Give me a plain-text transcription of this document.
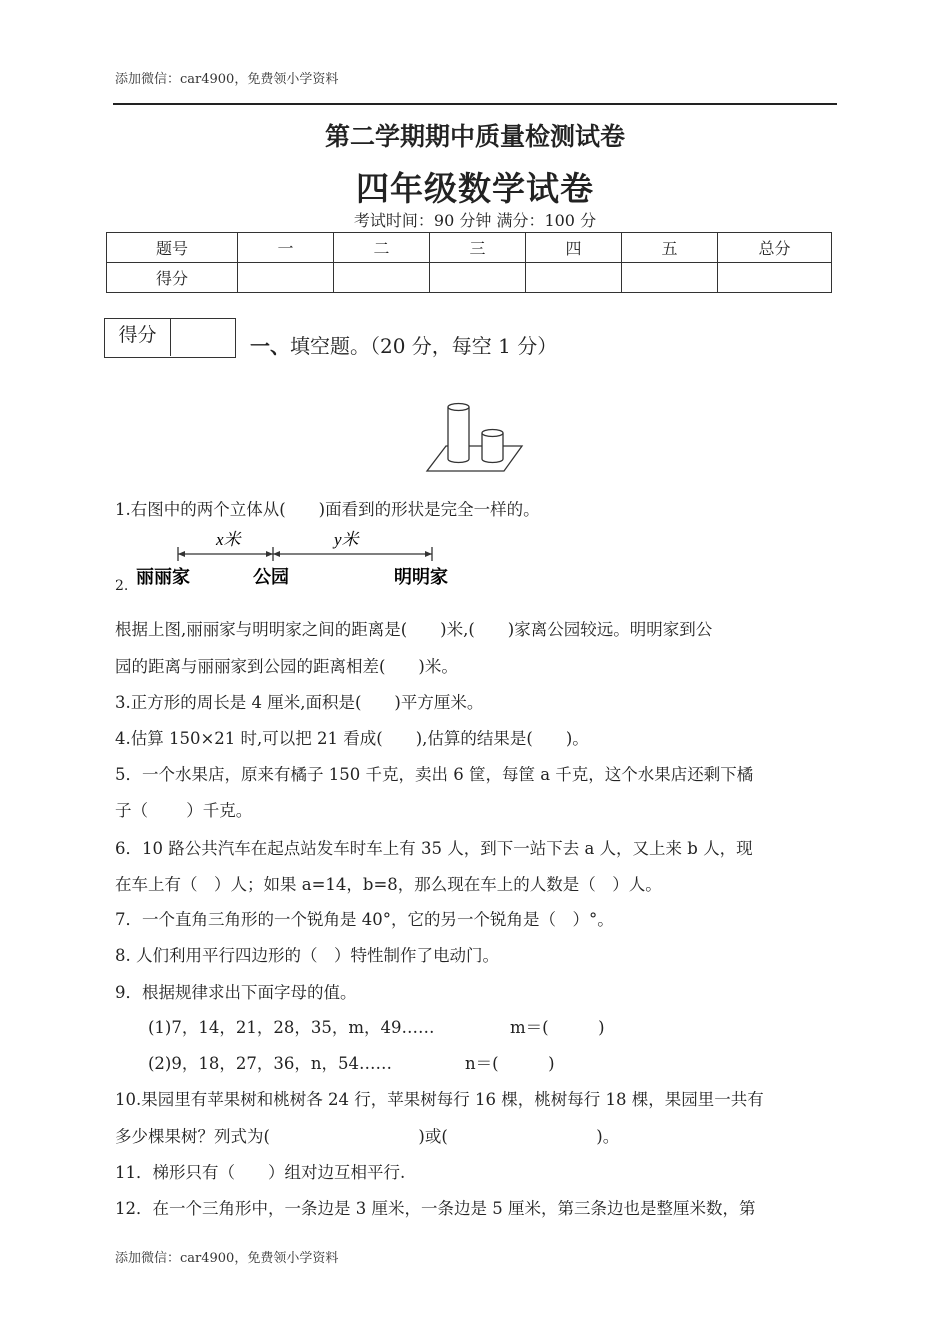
添加微信：car4900，免费领小学资料
第二学期期中质量检测试卷
四年级数学试卷
考试时间：90 分钟 满分：100 分
题号	一	二	三	四	五	总分
得分						
得分	一、填空题。（20 分，每空 1 分）
1.右图中的两个立体从(　　)面看到的形状是完全一样的。
2.
x米	y米
丽丽家	公园	明明家
根据上图,丽丽家与明明家之间的距离是(　　)米,(　　)家离公园较远。明明家到公
园的距离与丽丽家到公园的距离相差(　　)米。
3.正方形的周长是 4 厘米,面积是(　　)平方厘米。
4.估算 150×21 时,可以把 21 看成(　　),估算的结果是(　　)。
5．一个水果店，原来有橘子 150 千克，卖出 6 筐，每筐 a 千克，这个水果店还剩下橘
子（　　 ）千克。
6．10 路公共汽车在起点站发车时车上有 35 人，到下一站下去 a 人，又上来 b 人，现
在车上有（　）人；如果 a=14，b=8，那么现在车上的人数是（　）人。
7．一个直角三角形的一个锐角是 40°，它的另一个锐角是（　）°。
8. 人们利用平行四边形的（　）特性制作了电动门。
9．根据规律求出下面字母的值。
(1)7，14，21，28，35，m，49……	m＝(　　　)
(2)9，18，27，36，n，54……	n＝(　　　)
10.果园里有苹果树和桃树各 24 行，苹果树每行 16 棵，桃树每行 18 棵，果园里一共有
多少棵果树？列式为(　　　　　　　　　)或(　　　　　　　　　)。
11．梯形只有（　　）组对边互相平行.
12．在一个三角形中，一条边是 3 厘米，一条边是 5 厘米，第三条边也是整厘米数，第
添加微信：car4900，免费领小学资料
